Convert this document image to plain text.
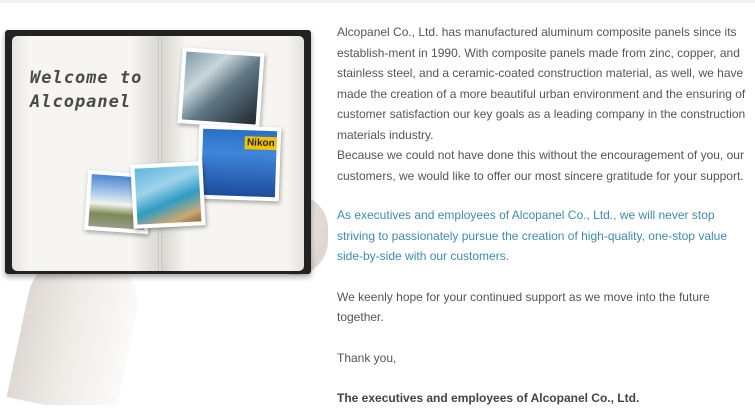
Welcome to
Alcopanel
Nikon

Alcopanel Co., Ltd. has manufactured aluminum composite panels since its establish-ment in 1990. With composite panels made from zinc, copper, and stainless steel, and a ceramic-coated construction material, as well, we have made the creation of a more beautiful urban environment and the ensuring of customer satisfaction our key goals as a leading company in the construction materials industry.

Because we could not have done this without the encouragement of you, our customers, we would like to offer our most sincere gratitude for your support.

As executives and employees of Alcopanel Co., Ltd., we will never stop striving to passionately pursue the creation of high-quality, one-stop value side-by-side with our customers.

We keenly hope for your continued support as we move into the future together.

Thank you,

The executives and employees of Alcopanel Co., Ltd.
